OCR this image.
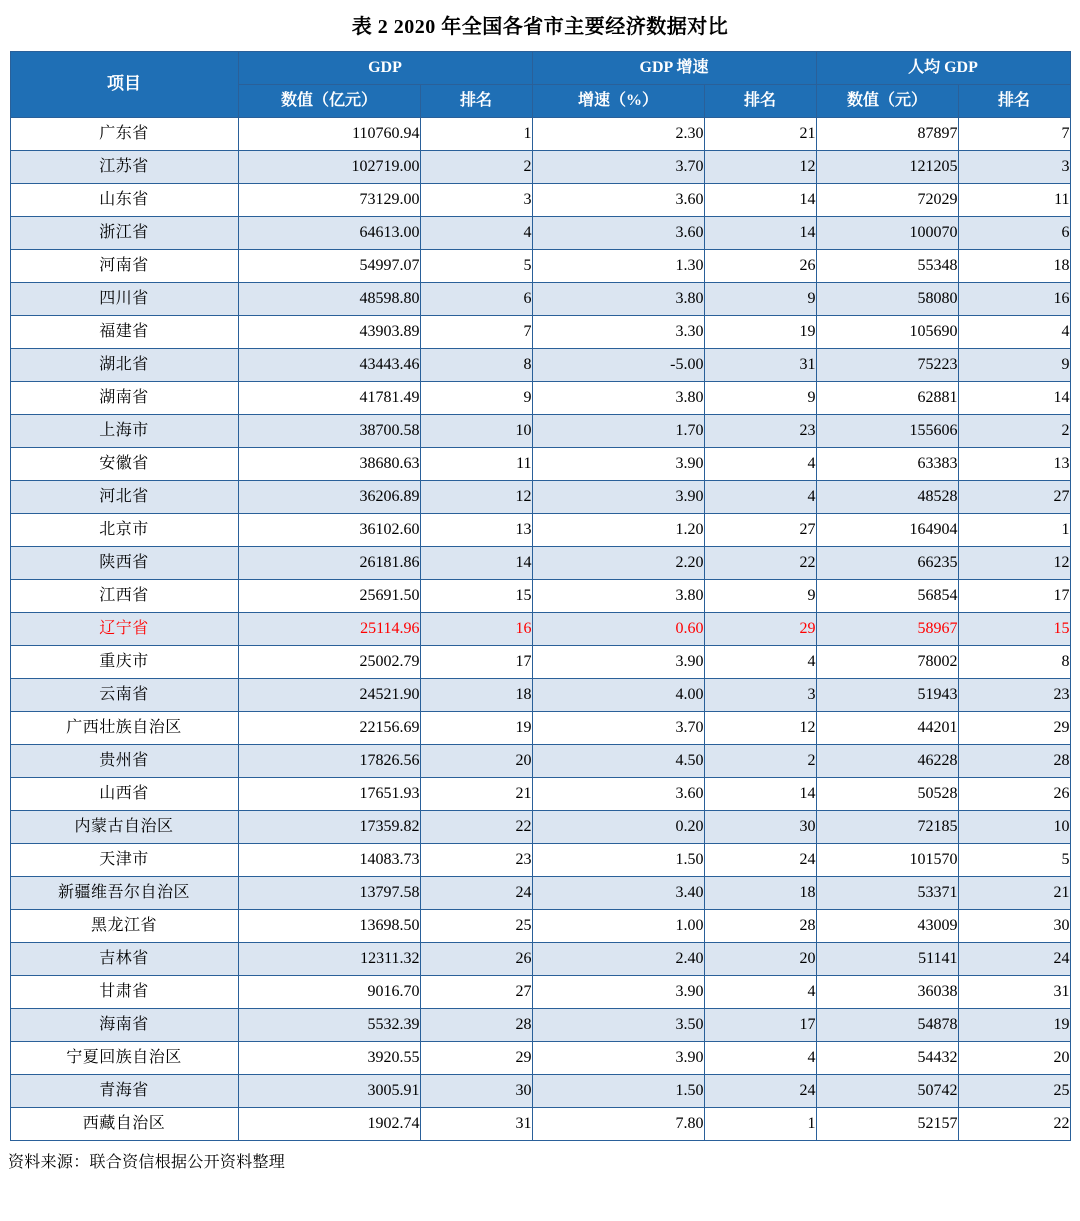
表 2 2020 年全国各省市主要经济数据对比
项目	GDP		GDP 增速		人均 GDP	
	数值（亿元）	排名	增速（%）	排名	数值（元）	排名
广东省	110760.94	1	2.30	21	87897	7
江苏省	102719.00	2	3.70	12	121205	3
山东省	73129.00	3	3.60	14	72029	11
浙江省	64613.00	4	3.60	14	100070	6
河南省	54997.07	5	1.30	26	55348	18
四川省	48598.80	6	3.80	9	58080	16
福建省	43903.89	7	3.30	19	105690	4
湖北省	43443.46	8	-5.00	31	75223	9
湖南省	41781.49	9	3.80	9	62881	14
上海市	38700.58	10	1.70	23	155606	2
安徽省	38680.63	11	3.90	4	63383	13
河北省	36206.89	12	3.90	4	48528	27
北京市	36102.60	13	1.20	27	164904	1
陕西省	26181.86	14	2.20	22	66235	12
江西省	25691.50	15	3.80	9	56854	17
辽宁省	25114.96	16	0.60	29	58967	15
重庆市	25002.79	17	3.90	4	78002	8
云南省	24521.90	18	4.00	3	51943	23
广西壮族自治区	22156.69	19	3.70	12	44201	29
贵州省	17826.56	20	4.50	2	46228	28
山西省	17651.93	21	3.60	14	50528	26
内蒙古自治区	17359.82	22	0.20	30	72185	10
天津市	14083.73	23	1.50	24	101570	5
新疆维吾尔自治区	13797.58	24	3.40	18	53371	21
黑龙江省	13698.50	25	1.00	28	43009	30
吉林省	12311.32	26	2.40	20	51141	24
甘肃省	9016.70	27	3.90	4	36038	31
海南省	5532.39	28	3.50	17	54878	19
宁夏回族自治区	3920.55	29	3.90	4	54432	20
青海省	3005.91	30	1.50	24	50742	25
西藏自治区	1902.74	31	7.80	1	52157	22
资料来源：联合资信根据公开资料整理
